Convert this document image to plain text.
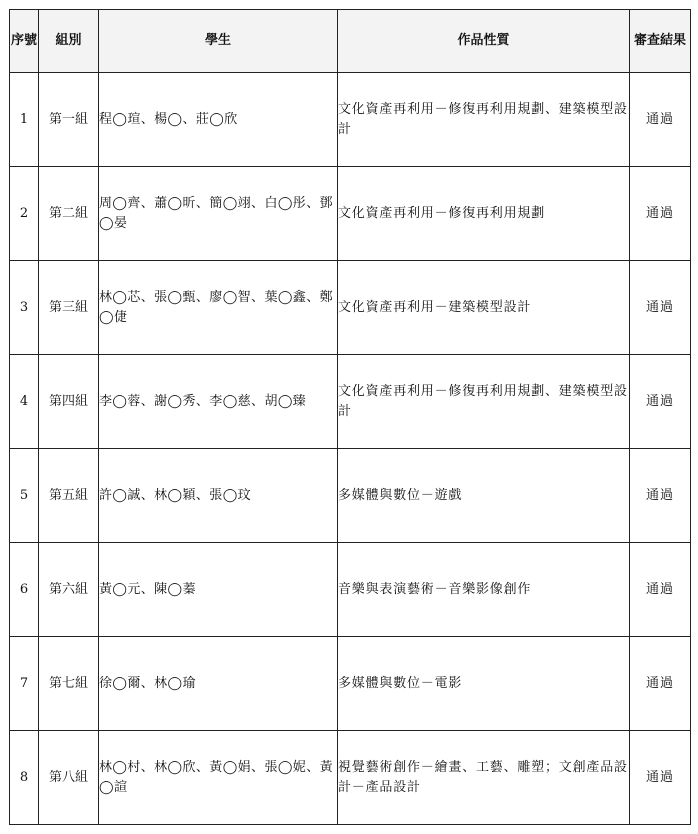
序號	組別	學生	作品性質	審查結果
1	第一組	程◯瑄、楊◯、莊◯欣	文化資產再利用－修復再利用規劃、建築模型設計	通過
2	第二組	周◯齊、蕭◯昕、簡◯翊、白◯彤、鄧◯晏	文化資產再利用－修復再利用規劃	通過
3	第三組	林◯芯、張◯甄、廖◯智、葉◯鑫、鄭◯倢	文化資產再利用－建築模型設計	通過
4	第四組	李◯蓉、謝◯秀、李◯慈、胡◯臻	文化資產再利用－修復再利用規劃、建築模型設計	通過
5	第五組	許◯誠、林◯穎、張◯玟	多媒體與數位－遊戲	通過
6	第六組	黃◯元、陳◯蓁	音樂與表演藝術－音樂影像創作	通過
7	第七組	徐◯爾、林◯瑜	多媒體與數位－電影	通過
8	第八組	林◯村、林◯欣、黃◯娟、張◯妮、黃◯諠	視覺藝術創作－繪畫、工藝、雕塑；文創產品設計－產品設計	通過
